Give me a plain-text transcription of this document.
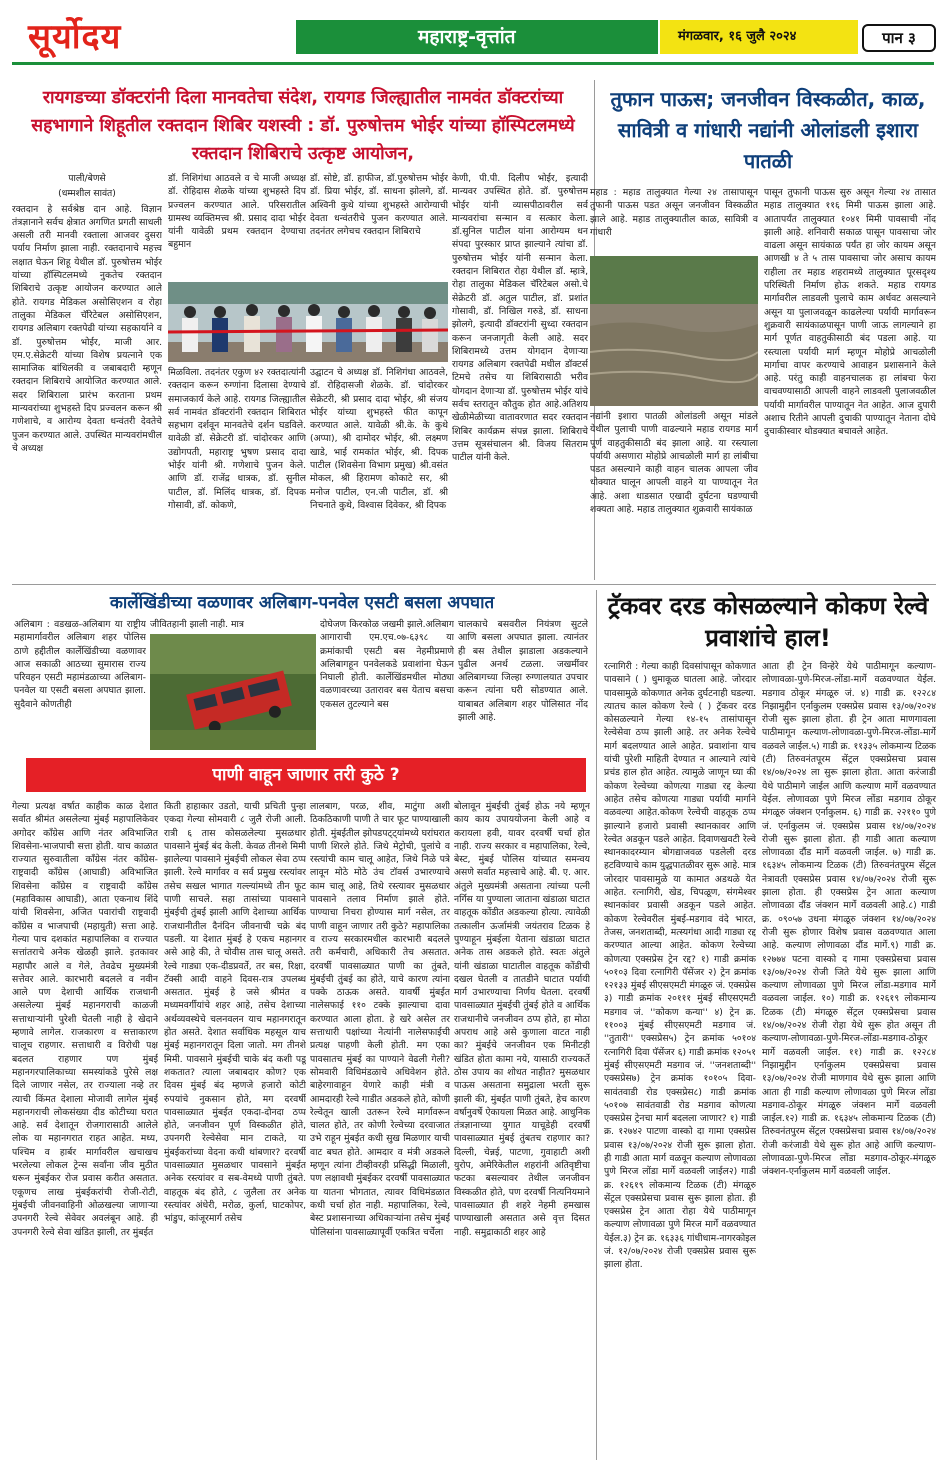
सूर्योदय	महाराष्ट्र-वृत्तांत	मंगळवार, १६ जुलै २०२४	पान ३
रायगडच्या डॉक्टरांनी दिला मानवतेचा संदेश, रायगड जिल्ह्यातील नामवंत डॉक्टरांच्या सहभागाने शिहूतील रक्तदान शिबिर यशस्वी : डॉ. पुरुषोत्तम भोईर यांच्या हॉस्पिटलमध्ये रक्तदान शिबिराचे उत्कृष्ट आयोजन,

पाली/बेणसे

(धम्मशील सावंत)

रक्तदान हे सर्वश्रेष्ठ दान आहे. विज्ञान तंत्रज्ञानाने सर्वच क्षेत्रात अगणित प्रगती साधली असली तरी मानवी रक्ताला आजवर दुसरा पर्याय निर्माण झाला नाही. रक्तदानाचे महत्त्व लक्षात घेऊन शिहू येथील डॉ. पुरुषोत्तम भोईर यांच्या हॉस्पिटलमध्ये नुकतेच रक्तदान शिबिराचे उत्कृष्ट आयोजन करण्यात आले होते. रायगड मेडिकल असोसिएशन व रोहा तालुका मेडिकल चॅरिटेबल असोसिएशन, रायगड अलिबाग रक्तपेढी यांच्या सहकार्याने व डॉ. पुरुषोत्तम भोईर, माजी आर. एम.ए.सेक्रेटरी यांच्या विशेष प्रयत्नाने एक सामाजिक बांधिलकी व जबाबदारी म्हणून रक्तदान शिबिराचे आयोजित करण्यात आले. सदर शिबिराला प्रारंभ करताना प्रथम मान्यवरांच्या शुभहस्ते दिप प्रज्वलन करून श्री गणेशाचे, व आरोग्य देवता धन्वंतरी देवतेचे पुजन करण्यात आले. उपस्थित मान्यवरांमधील चे अध्यक्ष

डॉ. निशिगंधा आठवले व चे माजी अध्यक्ष डॉ. रोहिदास शेळके यांच्या शुभहस्ते दिप प्रज्वलन करण्यात आले. परिसरातील ग्रामस्थ व्यक्तिमत्त्व श्री. प्रसाद दादा भोईर यांनी यावेळी प्रथम रक्तदान देण्याचा बहुमान
डॉ. सोष्टे, डॉ. हाफीज, डॉ.पुरुषोत्तम भोईर डॉ. प्रिया भोईर, डॉ. साधना झोलगे, डॉ. अश्विनी कुथे यांच्या शुभहस्ते आरोग्याची देवता धन्वंतरीचे पुजन करण्यात आले. तदनंतर लगेचच रक्तदान शिबिराचे
केणी, पी.पी. दिलीप भोईर, इत्यादी मान्यवर उपस्थित होते. डॉ. पुरुषोत्तम भोईर यांनी व्यासपीठावरील सर्व मान्यवरांचा सन्मान व सत्कार केला. डॉ.सुनिल पाटील यांना आरोग्यम धन संपदा पुरस्कार प्राप्त झाल्याने त्यांचा डॉ. पुरुषोत्तम भोईर यांनी सन्मान केला. रक्तदान शिबिरात रोहा येथील डॉ. म्हात्रे, रोहा तालुका मेडिकल चॅरिटेबल असो.चे सेक्रेटरी डॉ. अतुल पाटील, डॉ. प्रशांत गोसावी, डॉ. निखिल गरुडे, डॉ. साधना झोलगे, इत्यादी डॉक्टरांनी सुध्दा रक्तदान करून जनजागृती केली आहे. सदर शिबिरामध्ये उत्तम योगदान देणाऱ्या रायगड अलिबाग रक्तपेढी मधील डॉक्टर्स टिमचे तसेच या शिबिरासाठी भरीव योगदान देणाऱ्या डॉ. पुरुषोत्तम भोईर यांचे सर्वच स्तरातून कौतुक होत आहे.अतिशय खेळीमेळीच्या वातावरणात सदर रक्तदान शिबिर कार्यक्रम संपन्न झाला. शिबिराचे उत्तम सूत्रसंचालन श्री. विजय सितराम पाटील यांनी केले.
मिळविला. तदनंतर एकुण ४२ रक्तदात्यांनी रक्तदान करून रुग्णांना दिलासा देण्याचे समाजकार्य केले आहे. रायगड जिल्ह्यातील सर्व नामवंत डॉक्टरांनी रक्तदान शिबिरात सहभाग दर्शवून मानवतेचे दर्शन घडविले. यावेळी डॉ. सेक्रेटरी डॉ. चांदोरकर आणि उद्योगपती, महाराष्ट्र भुषण प्रसाद दादा भोईर यांनी श्री. गणेशाचे पुजन केले. आणि डॉ. राजेंद्र धात्रक, डॉ. सुनील पाटील, डॉ. मिलिंद धात्रक, डॉ. दिपक गोसावी, डॉ. कोकणे,
उद्घाटन चे अध्यक्ष डॉ. निशिगंधा आठवले, डॉ. रोहिदासजी शेळके. डॉ. चांदोरकर सेक्रेटरी, श्री प्रसाद दादा भोईर, श्री संजय भोईर यांच्या शुभहस्ते फीत कापून करण्यात आले. यावेळी श्री.के. के कुथे (अप्पा), श्री दामोदर भोईर, श्री. लक्ष्मण खाडे, भाई रामकांत भोईर, श्री. दिपक पाटील (शिवसेना विभाग प्रमुख) श्री.वसंत मोकल, श्री हिरामण कोकाटे सर, श्री मनोज पाटील, एन.जी पाटील, डॉ. श्री निचनाते कुथे, विश्वास दिवेकर, श्री दिपक
तुफान पाऊस; जनजीवन विस्कळीत, काळ, सावित्री व गांधारी नद्यांनी ओलांडली इशारा पातळी
महाड : महाड तालुक्यात गेल्या २४ तासापासून तुफानी पाऊस पडत असून जनजीवन विस्कळीत झाले आहे. महाड तालुक्यातील काळ, सावित्री व गांधारी
नद्यांनी इशारा पातळी ओलांडली असून मांडले येथील पुलाची पाणी वाढल्याने महाड रायगड मार्ग पूर्ण वाहतुकीसाठी बंद झाला आहे. या रस्त्याला पर्यायी असणारा मोहोप्रे आचळोली मार्ग हा लांबीचा पडत असल्याने काही वाहन चालक आपला जीव धोक्यात घालून आपली वाहने या पाण्यातून नेत आहे. अशा धाडसात एखादी दुर्घटना घडण्याची शक्यता आहे. महाड तालुक्यात शुक्रवारी सायंकाळ
पासून तुफानी पाऊस सुरु असून गेल्या २४ तासात महाड तालुक्यात ११६ मिमी पाऊस झाला आहे. आतापर्यंत तालुक्यात १०४१ मिमी पावसाची नोंद झाली आहे. शनिवारी सकाळ पासून पावसाचा जोर वाढला असून सायंकाळ पर्यंत हा जोर कायम असून आणखी ४ ते ५ तास पावसाचा जोर असाच कायम राहीला तर महाड शहरामध्ये तालुक्यात पूरसदृश्य परिस्थिती निर्माण होऊ शकते. महाड रायगड मार्गावरील लाडवली पुलाचे काम अर्धवट असल्याने असून या पुलाजवळून काढलेल्या पर्यायी मार्गावरून शुक्रवारी सायंकाळपासून पाणी जाऊ लागल्याने हा मार्ग पूर्णत वाहतुकीसाठी बंद पडला आहे. या रस्त्याला पर्यायी मार्ग म्हणून मोहोप्रे आचळोली मार्गाचा वापर करण्याचे आवाहन प्रशासनाने केले आहे. परंतु काही वाहनचालक हा लांबचा फेरा वाचवण्यासाठी आपली वाहने लाडवली पुलाजवळील पर्यायी मार्गावरील पाण्यातून नेत आहेत. आज दुपारी अशाच रितीने आपली दुचाकी पाण्यातून नेताना दोघे दुचाकीस्वार थोडक्यात बचावले आहेत.
कार्लेखिंडीच्या वळणावर अलिबाग-पनवेल एसटी बसला अपघात
अलिबाग : वडखळ-अलिबाग या राष्ट्रीय महामार्गावरील अलिबाग शहर पोलिस ठाणे हद्दीतील कार्लेखिंडीच्या वळणावर आज सकाळी आठच्या सुमारास राज्य परिवहन एसटी महामंडळाच्या अलिबाग-पनवेल या एसटी बसला अपघात झाला. सुदैवाने कोणतीही
जीवितहानी झाली नाही. मात्र	दोघेजण किरकोळ जखमी झाले.अलिबाग आगाराची एम.एच.०७-६३९८ या क्रमांकाची एसटी बस नेहमीप्रमाणे अलिबागहून पनवेलकडे प्रवाशांना घेऊन निघाली होती. कार्लेखिंडमधील मोठ्या वळणावरच्या उतारावर बस येताच बसचा एकसल तुटल्याने बस
चालकाचे बसवरील नियंत्रण सुटले आणि बसला अपघात झाला. त्यानंतर ही बस तेथील झाडाला अडकल्याने पुढील अनर्थ टळला. जखमींवर अलिबागच्या जिल्हा रुग्णालयात उपचार करून त्यांना घरी सोडण्यात आले. याबाबत अलिबाग शहर पोलिसात नोंद झाली आहे.
पाणी वाहून जाणार तरी कुठे ?
गेल्या प्रत्यक्ष वर्षात काहीक काळ देशात सर्वात श्रीमंत असलेल्या मुंबई महापालिकेवर अगोदर काँग्रेस आणि नंतर अविभाजित शिवसेना-भाजपाची सत्ता होती. याच काळात राज्यात सुरुवातीला काँग्रेस नंतर काँग्रेस-राष्ट्रवादी काँग्रेस (आघाडी) अविभाजित शिवसेना काँग्रेस व राष्ट्रवादी काँग्रेस (महाविकास आघाडी), आता एकनाथ शिंदे यांची शिवसेना, अजित पवारांची राष्ट्रवादी काँग्रेस व भाजपाची (महायुती) सत्ता आहे. गेल्या पाच दशकांत महापालिका व राज्यात सत्तांतराचे अनेक खेळही झाले. इतकावर महापौर आले व गेले, तेवढेच मुख्यमंत्री सत्तेवर आले. कारभारी बदलले व नवीन आले पण देशाची आर्थिक राजधानी असलेल्या मुंबई महानगराची काळजी सत्ताधाऱ्यांनी पुरेशी घेतली नाही हे खेदाने म्हणावे लागेल. राजकारण व सत्ताकारण चालूच राहणार. सत्ताधारी व विरोधी पक्ष बदलत राहणार पण मुंबई महानगरपालिकाच्या समस्यांकडे पुरेसे लक्ष दिले जाणार नसेल, तर राज्याला नव्हे तर त्याची किंमत देशाला मोजावी लागेल मुंबई महानगराची लोकसंख्या दीड कोटीच्या घरात आहे. सर्व देशातून रोजगारासाठी आलेले लोक या महानगरात राहत आहेत. मध्य, पश्चिम व हार्बर मार्गावरील खचाखच भरलेल्या लोकल ट्रेन्स सर्वांना जीव मुठीत धरून मुंबईकर रोज प्रवास करीत असतात. एकूणच लाख मुंबईकरांची रोजी-रोटी, मुंबईची जीवनवाहिनी ओळखल्या जाणाऱ्या उपनगरी रेल्वे सेवेवर अवलंबून आहे. ही उपनगरी रेल्वे सेवा खंडित झाली, तर मुंबईत
किती हाहाकार उडतो, याची प्रचिती पुन्हा एकदा गेल्या सोमवारी ८ जुलै रोजी आली. रात्री ६ तास कोसळलेल्या मुसळधार पावसाने मुंबई बंद केली. केवळ तीनशे मिमी झालेल्या पावसाने मुंबईची लोकल सेवा ठप्प झाली. रेल्वे मार्गावर व सर्व प्रमुख रस्त्यांवर तसेच सखल भागात गल्ल्यांमध्ये तीन फूट पाणी साचले. सहा तासांच्या पावसाने मुंबईची तुंबई झाली आणि देशाच्या आर्थिक राजधानीतील दैनंदिन जीवनाची चक्रे बंद पडली. या देशात मुंबई हे एकच महानगर असे आहे की, ते चोवीस तास चालू असते. रेल्वे गाड्या एक-दीडप्रवर्ते, तर बस, रिक्षा, टॅक्सी आदी वाहने दिवस-रात्र उपलब्ध असतात. मुंबई हे जसे श्रीमंत व मध्यमवर्गीयांचे शहर आहे, तसेच देशाच्या अर्थव्यवस्थेचे चलनवलन याच महानगरातून होत असते. देशात सर्वाधिक महसूल याच मुंबई महानगरातून दिला जातो. मग तीनशे मिमी. पावसाने मुंबईची चाके बंद कशी पडू शकतात? त्याला जबाबदार कोण? एक दिवस मुंबई बंद म्हणजे हजारो कोटी रुपयांचे नुकसान होते, मग दरवर्षी पावसाळ्यात मुंबईत एकदा-दोनदा ठप्प होते, जनजीवन पूर्ण विस्कळीत होते, उपनगरी रेल्वेसेवा मान टाकते, या मुंबईकरांच्या वेदना कधी थांबणार? दरवर्षी पावसाळ्यात मुसळधार पावसाने मुंबईत अनेक रस्त्यांवर व सब-वेमध्ये पाणी तुंबते. वाहतूक बंद होते, ८ जुलैला तर अनेक रस्त्यांवर अंधेरी, मरोळ, कुर्ला, घाटकोपर, भांडुप, कांजूरमार्ग तसेच
लालबाग, परळ, शीव, माटुंगा अशी ठिकठिकाणी पाणी ते चार फूट पाण्याखाली होती. मुंबईतील झोपडपट्ट्यांमध्ये घरांघरात पाणी शिरले होते. जिथे मेट्रोची, पुलांचे व रस्त्यांची काम चालू आहेत, जिथे निळे पत्रे लावून मोठे मोठे उंच टॉवर्स उभारण्याचे काम चालू आहे, तिथे रस्त्यावर मुसळधार पावसाने तलाव निर्माण झाले होते. पाण्याचा निचरा होण्यास मार्ग नसेल, तर पाणी वाहून जाणार तरी कुठे? महापालिका व राज्य सरकारमधील कारभारी बदलले तरी कर्मचारी, अधिकारी तेच असतात. दरवर्षी पावसाळ्यात पाणी का तुंबते, मुंबईची तुंबई का होते, याचे कारण त्यांना पक्के ठाऊक असते. यावर्षी मुंबईत नालेसफाई ११० टक्के झाल्याचा दावा करण्यात आला होता. हे खरे असेल तर सत्ताधारी पक्षांच्या नेत्यांनी नालेसफाईची प्रत्यक्ष पाहणी केली होती. मग एका पावसातच मुंबई का पाण्याने वेढली गेली? सोमवारी विधिमंडळाचे अधिवेशन होते. बाहेरगावाहून येणारे काही मंत्री व आमदारही रेल्वे गाडीत अडकले होते, कोणी रेल्वेतून खाली उतरून रेल्वे मार्गावरून चालत होते, तर कोणी रेल्वेच्या दरवाजात उभे राहून मुंबईत कधी सुख मिळणार याची वाट बघत होते. आमदार व मंत्री अडकले म्हणून त्यांना टीव्हीवरही प्रसिद्धी मिळाली, पण लक्षावधी मुंबईकर दरवर्षी पावसाळ्यात या यातना भोगतात, त्यावर विधिमंडळात कधी चर्चा होत नाही. महापालिका, रेल्वे, बेस्ट प्रशासनाच्या अधिकाऱ्यांना तसेच मुंबई पोलिसांना पावसाळ्यापूर्वी एकत्रित चर्चेला
बोलावून मुंबईची तुंबई होऊ नये म्हणून काय काय उपाययोजना केली आहे व करायला हवी, यावर दरवर्षी चर्चा होत नाही. राज्य सरकार व महापालिका, रेल्वे, बेस्ट, मुंबई पोलिस यांच्यात समन्वय असणे सर्वात महत्त्वाचे आहे. बी. ए. आर. अंतुले मुख्यमंत्री असताना त्यांच्या पत्नी नर्गिस या पुण्याला जाताना खंडाळा घाटात वाहतूक कोंडीत अडकल्या होत्या. त्यावेळी तत्कालीन ऊर्जामंत्री जयंतराव टिळक हे पुण्याहून मुंबईला येताना खंडाळा घाटात अनेक तास अडकले होते. स्वतः अंतुले यांनी खंडाळा घाटातील वाहतूक कोंडीची दखल घेतली व तातडीने घाटात पर्यायी मार्ग उभारण्याचा निर्णय घेतला. दरवर्षी पावसाळ्यात मुंबईची तुंबई होते व आर्थिक राजधानीचे जनजीवन ठप्प होते, हा मोठा अपराध आहे असे कुणाला वाटत नाही का? मुंबईचे जनजीवन एक मिनीटही खंडित होता कामा नये, यासाठी राज्यकर्ते ठोस उपाय का शोधत नाहीत? मुसळधार पाऊस असताना समुद्राला भरती सुरू झाली की, मुंबईत पाणी तुंबते, हेच कारण वर्षानुवर्षे ऐकायला मिळत आहे. आधुनिक तंत्रज्ञानाच्या युगात याचूडेही दरवर्षी पावसाळ्यात मुंबई तुंबतच राहणार का? दिल्ली, चेन्नई, पाटणा, गुवाहाटी अशी युरोप, अमेरिकेतील शहरांनी अतिवृष्टीचा फटका बसल्यावर तेथील जनजीवन विस्कळीत होते, पण दरवर्षी नित्यनियमाने पावसाळ्यात ही शहरे नेहमी हमखास पाण्याखाली असतात असे वृत्त दिसत नाही. समुद्राकाठी शहर आहे
ट्रॅकवर दरड कोसळल्याने कोकण रेल्वे प्रवाशांचे हाल!
रत्नागिरी : गेल्या काही दिवसांपासून कोकणात पावसाने ( ) धुमाकूळ घातला आहे. जोरदार पावसामुळे कोकणात अनेक दुर्घटनाही घडल्या. त्यातच काल कोकण रेल्वे ( ) ट्रॅकवर दरड कोसळल्याने गेल्या १४-१५ तासांपासून रेल्वेसेवा ठप्प झाली आहे. तर अनेक रेल्वेचे मार्ग बदलण्यात आले आहेत. प्रवाशांना याच यांची पुरेशी माहिती देण्यात न आल्याने त्यांचे प्रचंड हाल होत आहेत. त्यामुळे जाणून घ्या की कोकण रेल्वेच्या कोणत्या गाड्या रद्द केल्या आहेत तसेच कोणत्या गाड्या पर्यायी मार्गाने वळवल्या आहेत.कोकण रेल्वेची वाहतूक ठप्प झाल्याने हजारो प्रवासी स्थानकावर आणि रेल्वेत अडकून पडले आहेत. दिवाणखवटी रेल्वे स्थानकादरम्यान बोगद्याजवळ पडलेली दरड हटविण्याचे काम युद्धपातळीवर सुरू आहे. मात्र जोरदार पावसामुळे या कामात अडथळे येत आहेत. रत्नागिरी, खेड, चिपळूण, संगमेश्वर स्थानकांवर प्रवासी अडकून पडले आहेत. कोकण रेल्वेवरील मुंबई-मडगाव वंदे भारत, तेजस, जनशताब्दी, मत्स्यगंधा आदी गाड्या रद्द करण्यात आल्या आहेत. कोकण रेल्वेच्या कोणत्या एक्सप्रेस ट्रेन रद्द? १) गाडी क्रमांक ५०१०३ दिवा रत्नागिरी पॅसेंजर २) ट्रेन क्रमांक १२१३३ मुंबई सीएसएमटी मंगळूरु जं. एक्सप्रेस ३) गाडी क्रमांक २०१११ मुंबई सीएसएमटी मडगाव जं. ''कोकण कन्या'' ४) ट्रेन क्र. ११००३ मुंबई सीएसएमटी मडगाव जं. ''तुतारी'' एक्सप्रेस५) ट्रेन क्रमांक ५०१०४ रत्नागिरी दिवा पॅसेंजर ६) गाडी क्रमांक १२०५१ मुंबई सीएसएमटी मडगाव जं. ''जनशताब्दी'' एक्सप्रेस७) ट्रेन क्रमांक १०१०५ दिवा-सावंतवाडी रोड एक्सप्रेस८) गाडी क्रमांक ५०१०७ सावंतवाडी रोड मडगाव कोणत्या एक्सप्रेस ट्रेनचा मार्ग बदलला जाणार? १) गाडी क्र. १२७४२ पाटणा वास्को दा गामा एक्सप्रेस प्रवास १३/०७/२०२४ रोजी सुरू झाला होता. ही गाडी आता मार्ग वळवून कल्याण लोणावळा पुणे मिरज लोंडा मार्गे वळवली जाईल२) गाडी क्र. १२६१९ लोकमान्य टिळक (टी) मंगळूरु सेंट्रल एक्सप्रेसचा प्रवास सुरू झाला होता. ही एक्सप्रेस ट्रेन आता रोहा येथे पाठीमागून कल्याण लोणावळा पुणे मिरज मार्गे वळवण्यात येईल.३) ट्रेन क्र. १६३३६ गांधीधाम-नागरकोइल जं. १२/०७/२०२४ रोजी एक्सप्रेस प्रवास सुरू झाला होता.
आता ही ट्रेन विन्हेरे येथे पाठीमागून कल्याण-लोणावळा-पुणे-मिरज-लोंडा-मार्गे वळवण्यात येईल. मडगाव ठोकूर मंगळूरु जं. ४) गाडी क्र. १२२८४ निझामुद्दीन एर्नाकुलम एक्सप्रेस प्रवास १३/०७/२०२४ रोजी सुरू झाला होता. ही ट्रेन आता माणगावला पाठीमागून कल्याण-लोणावळा-पुणे-मिरज-लोंडा-मार्गे वळवले जाईल.५) गाडी क्र. ११३३५ लोकमान्य टिळक (टी) तिरुवनंतपूरम सेंट्रल एक्सप्रेसचा प्रवास १४/०७/२०२४ ला सुरू झाला होता. आता करंजाडी येथे पाठीमागे जाईल आणि कल्याण मार्गे वळवण्यात येईल. लोणावळा पुणे मिरज लोंडा मडगाव ठोकूर मंगळूरु जंक्शन एर्नाकुलम. ६) गाडी क्र. २२११० पुणे जं. एर्नाकुलम जं. एक्सप्रेस प्रवास १४/०७/२०२४ रोजी सुरू झाला होता. ही गाडी आता कल्याण लोणावळा दौंड मार्गे वळवली जाईल. ७) गाडी क्र. १६३४५ लोकमान्य टिळक (टी) तिरुवनंतपुरम सेंट्रल नेत्रावती एक्सप्रेस प्रवास १४/०७/२०२४ रोजी सुरू झाला होता. ही एक्सप्रेस ट्रेन आता कल्याण लोणावळा दौंड जंक्शन मार्गे वळवली आहे.८) गाडी क्र. ०९०५७ उधना मंगळूरु जंक्शन १४/०७/२०२४ रोजी सुरू होणार विशेष प्रवास वळवण्यात आला आहे. कल्याण लोणावळा दौंड मार्गे.९) गाडी क्र. १२७७४ पटना वास्को द गामा एक्सप्रेसचा प्रवास १३/०७/२०२४ रोजी जिते येथे सुरू झाला आणि कल्याण लोणावळा पुणे मिरज लोंडा-मडगाव मार्गे वळवला जाईल. १०) गाडी क्र. १२६१९ लोकमान्य टिळक (टी) मंगळूरु सेंट्रल एक्सप्रेसचा प्रवास १४/०७/२०२४ रोजी रोहा येथे सुरू होत असून ती कल्याण-लोणावळा-पुणे-मिरज-लोंडा-मडगाव-ठोकूर मार्गे वळवली जाईल. ११) गाडी क्र. १२२८४ निझामुद्दीन एर्नाकुलम एक्सप्रेसचा प्रवास १३/०७/२०२४ रोजी माणगाव येथे सुरू झाला आणि आता ही गाडी कल्याण लोणावळा पुणे मिरज लोंडा मडगाव-ठोकूर मंगळूरु जंक्शन मार्गे वळवली जाईल.१२) गाडी क्र. १६३४५ लोकमान्य टिळक (टी) तिरुवनंतपुरम सेंट्रल एक्सप्रेसचा प्रवास १४/०७/२०२४ रोजी करंजाडी येथे सुरू होत आहे आणि कल्याण-लोणावळा-पुणे-मिरज लोंडा मडगाव-ठोकूर-मंगळूरु जंक्शन-एर्नाकुलम मार्गे वळवली जाईल.
